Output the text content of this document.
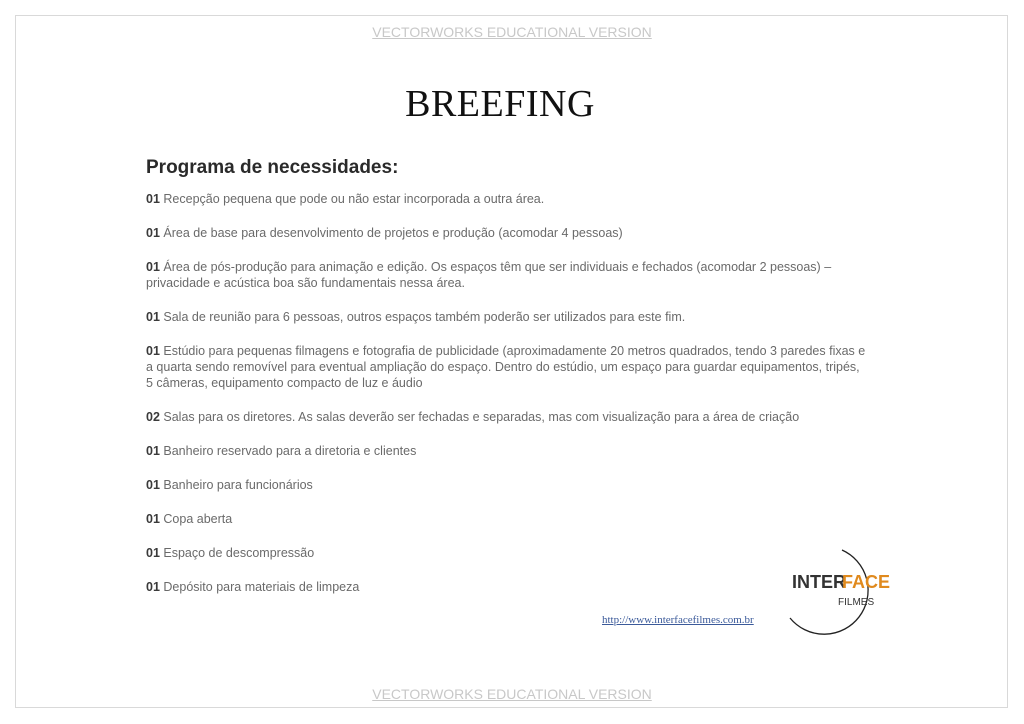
VECTORWORKS EDUCATIONAL VERSION
BREEFING
Programa de necessidades:
01 Recepção pequena que pode ou não estar incorporada a outra área.
01 Área de base para desenvolvimento de projetos e produção (acomodar 4 pessoas)
01 Área de pós-produção para animação e edição. Os espaços têm que ser individuais e fechados (acomodar 2 pessoas) – privacidade e acústica boa são fundamentais nessa área.
01 Sala de reunião para 6 pessoas, outros espaços também poderão ser utilizados para este fim.
01 Estúdio para pequenas filmagens e fotografia de publicidade (aproximadamente 20 metros quadrados, tendo 3 paredes fixas e a quarta sendo removível para eventual ampliação do espaço. Dentro do estúdio, um espaço para guardar equipamentos, tripés, 5 câmeras, equipamento compacto de luz e áudio
02 Salas para os diretores. As salas deverão ser fechadas e separadas, mas com visualização para a área de criação
01 Banheiro reservado para a diretoria e clientes
01 Banheiro para funcionários
01 Copa aberta
01 Espaço de descompressão
01 Depósito para materiais de limpeza	INTER
FACE
FILMES
http://www.interfacefilmes.com.br
VECTORWORKS EDUCATIONAL VERSION
